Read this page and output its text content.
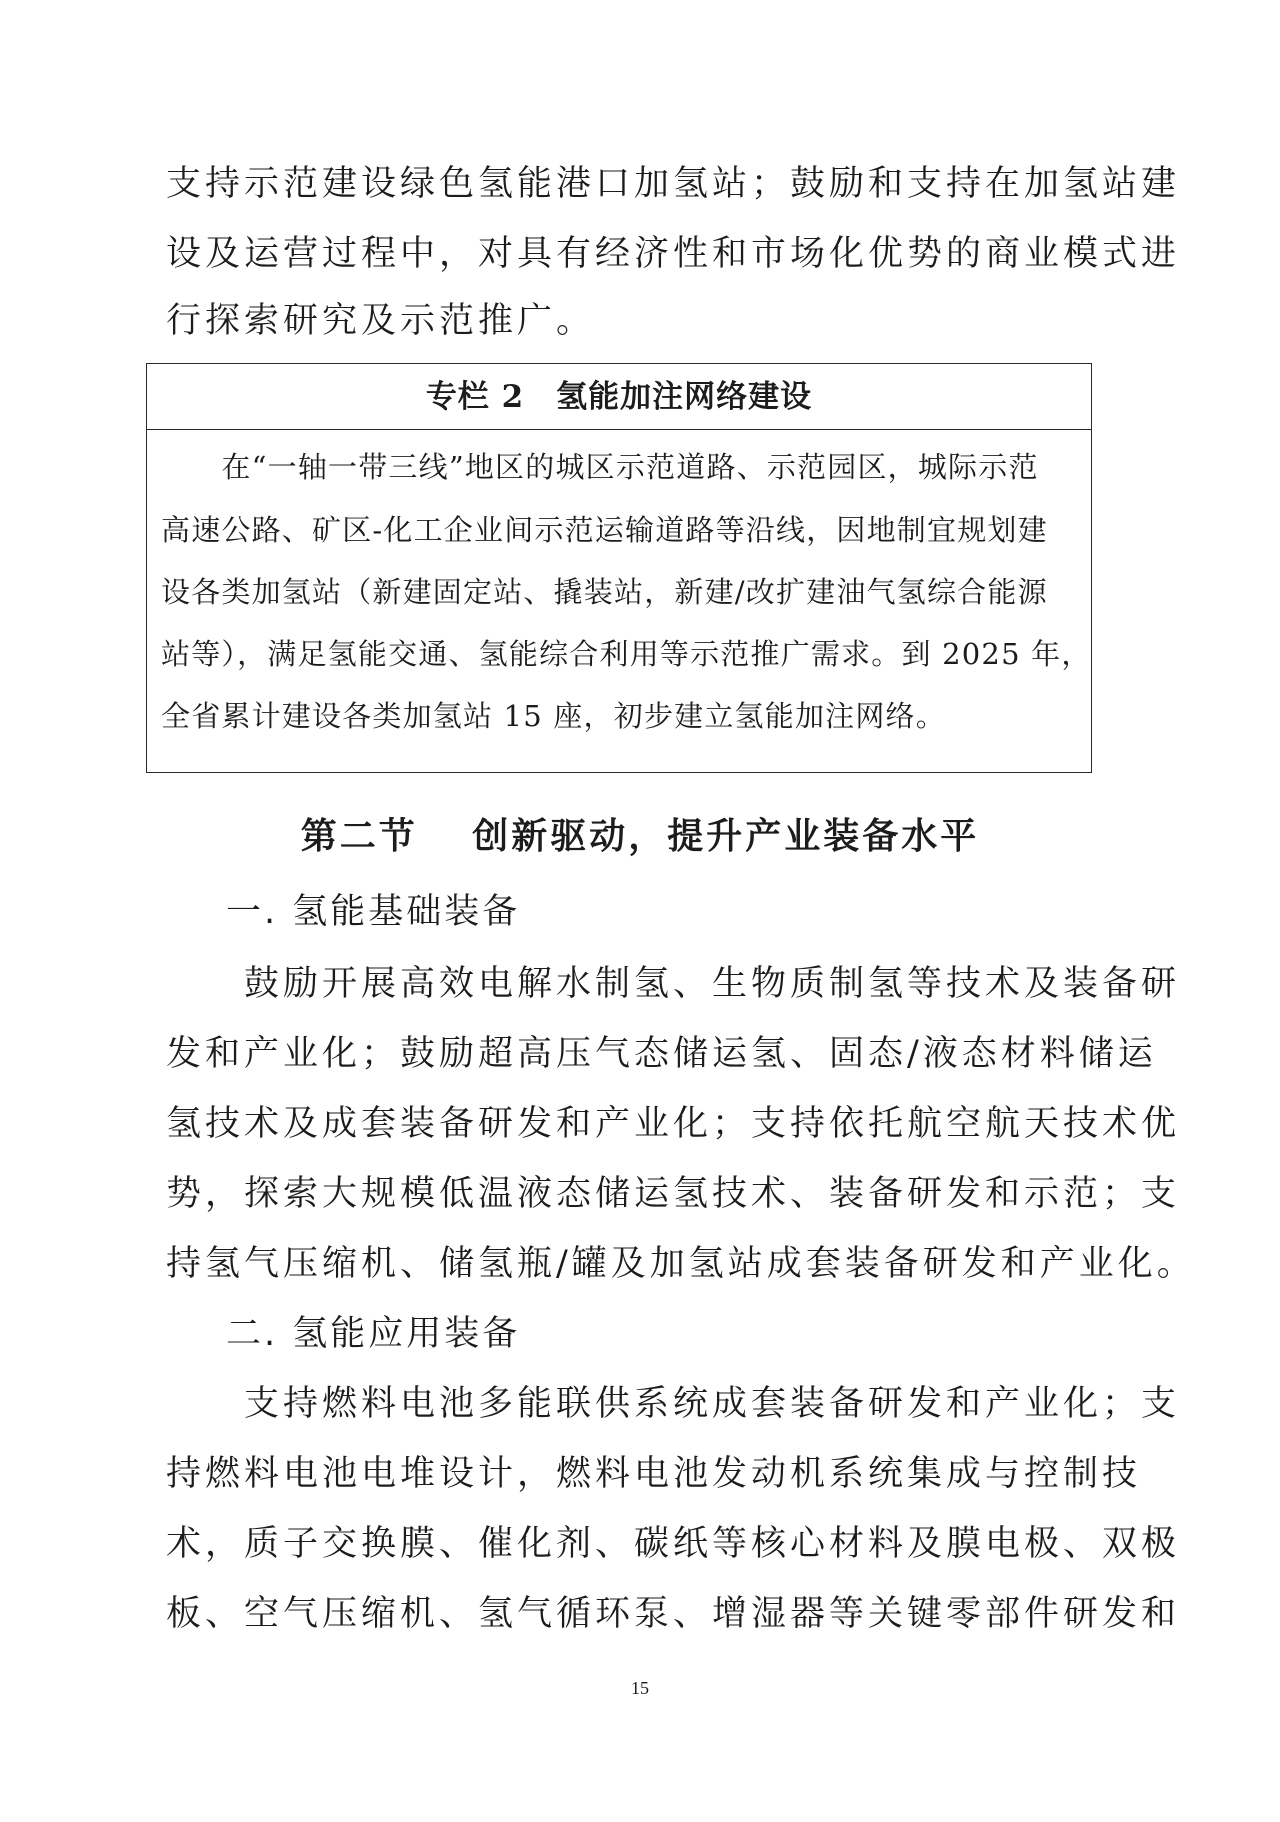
支持示范建设绿色氢能港口加氢站；鼓励和支持在加氢站建
设及运营过程中，对具有经济性和市场化优势的商业模式进
行探索研究及示范推广。
专栏 2　氢能加注网络建设
　　在“一轴一带三线”地区的城区示范道路、示范园区，城际示范
高速公路、矿区-化工企业间示范运输道路等沿线，因地制宜规划建
设各类加氢站（新建固定站、撬装站，新建/改扩建油气氢综合能源
站等），满足氢能交通、氢能综合利用等示范推广需求。到 2025 年，
全省累计建设各类加氢站 15 座，初步建立氢能加注网络。
第二节　 创新驱动，提升产业装备水平
一. 氢能基础装备
　　鼓励开展高效电解水制氢、生物质制氢等技术及装备研
发和产业化；鼓励超高压气态储运氢、固态/液态材料储运
氢技术及成套装备研发和产业化；支持依托航空航天技术优
势，探索大规模低温液态储运氢技术、装备研发和示范；支
持氢气压缩机、储氢瓶/罐及加氢站成套装备研发和产业化。
二. 氢能应用装备
　　支持燃料电池多能联供系统成套装备研发和产业化；支
持燃料电池电堆设计，燃料电池发动机系统集成与控制技
术，质子交换膜、催化剂、碳纸等核心材料及膜电极、双极
板、空气压缩机、氢气循环泵、增湿器等关键零部件研发和
15
